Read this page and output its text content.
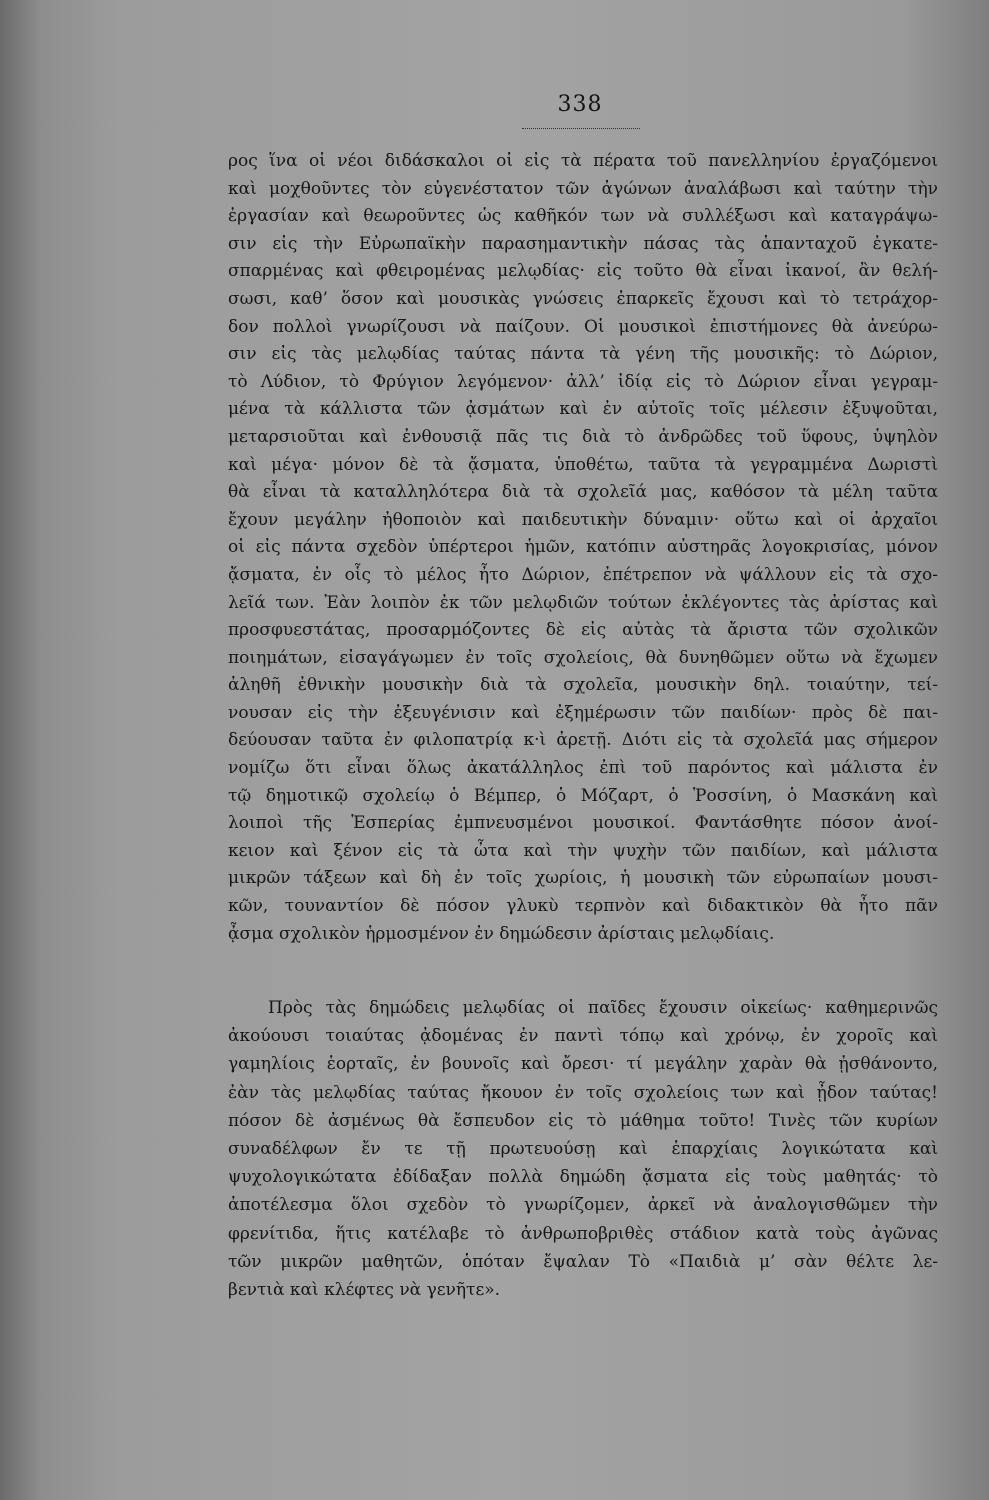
338
ρος ἵνα οἱ νέοι διδάσκαλοι οἱ εἰς τὰ πέρατα τοῦ πανελληνίου ἐργαζόμενοι
καὶ μοχθοῦντες τὸν εὐγενέστατον τῶν ἀγώνων ἀναλάβωσι καὶ ταύτην τὴν
ἐργασίαν καὶ θεωροῦντες ὡς καθῆκόν των νὰ συλλέξωσι καὶ καταγράψω-
σιν εἰς τὴν Εὐρωπαϊκὴν παρασημαντικὴν πάσας τὰς ἁπανταχοῦ ἐγκατε-
σπαρμένας καὶ φθειρομένας μελῳδίας· εἰς τοῦτο θὰ εἶναι ἱκανοί, ἂν θελή-
σωσι, καθ’ ὅσον καὶ μουσικὰς γνώσεις ἐπαρκεῖς ἔχουσι καὶ τὸ τετράχορ-
δον πολλοὶ γνωρίζουσι νὰ παίζουν. Οἱ μουσικοὶ ἐπιστήμονες θὰ ἀνεύρω-
σιν εἰς τὰς μελῳδίας ταύτας πάντα τὰ γένη τῆς μουσικῆς: τὸ Δώριον,
τὸ Λύδιον, τὸ Φρύγιον λεγόμενον· ἀλλ’ ἰδίᾳ εἰς τὸ Δώριον εἶναι γεγραμ-
μένα τὰ κάλλιστα τῶν ᾀσμάτων καὶ ἐν αὐτοῖς τοῖς μέλεσιν ἐξυψοῦται,
μεταρσιοῦται καὶ ἐνθουσιᾷ πᾶς τις διὰ τὸ ἀνδρῶδες τοῦ ὕφους, ὑψηλὸν
καὶ μέγα· μόνον δὲ τὰ ᾄσματα, ὑποθέτω, ταῦτα τὰ γεγραμμένα Δωριστὶ
θὰ εἶναι τὰ καταλληλότερα διὰ τὰ σχολεῖά μας, καθόσον τὰ μέλη ταῦτα
ἔχουν μεγάλην ἠθοποιὸν καὶ παιδευτικὴν δύναμιν· οὕτω καὶ οἱ ἀρχαῖοι
οἱ εἰς πάντα σχεδὸν ὑπέρτεροι ἡμῶν, κατόπιν αὐστηρᾶς λογοκρισίας, μόνον
ᾄσματα, ἐν οἷς τὸ μέλος ἦτο Δώριον, ἐπέτρεπον νὰ ψάλλουν εἰς τὰ σχο-
λεῖά των. Ἐὰν λοιπὸν ἐκ τῶν μελῳδιῶν τούτων ἐκλέγοντες τὰς ἀρίστας καὶ
προσφυεστάτας, προσαρμόζοντες δὲ εἰς αὐτὰς τὰ ἄριστα τῶν σχολικῶν
ποιημάτων, εἰσαγάγωμεν ἐν τοῖς σχολείοις, θὰ δυνηθῶμεν οὕτω νὰ ἔχωμεν
ἀληθῆ ἐθνικὴν μουσικὴν διὰ τὰ σχολεῖα, μουσικὴν δηλ. τοιαύτην, τεί-
νουσαν εἰς τὴν ἐξευγένισιν καὶ ἐξημέρωσιν τῶν παιδίων· πρὸς δὲ παι-
δεύουσαν ταῦτα ἐν φιλοπατρίᾳ κ·ὶ ἀρετῇ. Διότι εἰς τὰ σχολεῖά μας σήμερον
νομίζω ὅτι εἶναι ὅλως ἀκατάλληλος ἐπὶ τοῦ παρόντος καὶ μάλιστα ἐν
τῷ δημοτικῷ σχολείῳ ὁ Βέμπερ, ὁ Μόζαρτ, ὁ Ῥοσσίνη, ὁ Μασκάνη καὶ
λοιποὶ τῆς Ἑσπερίας ἐμπνευσμένοι μουσικοί. Φαντάσθητε πόσον ἀνοί-
κειον καὶ ξένον εἰς τὰ ὦτα καὶ τὴν ψυχὴν τῶν παιδίων, καὶ μάλιστα
μικρῶν τάξεων καὶ δὴ ἐν τοῖς χωρίοις, ἡ μουσικὴ τῶν εὐρωπαίων μουσι-
κῶν, τουναντίον δὲ πόσον γλυκὺ τερπνὸν καὶ διδακτικὸν θὰ ἦτο πᾶν
ᾆσμα σχολικὸν ἡρμοσμένον ἐν δημώδεσιν ἀρίσταις μελῳδίαις.
Πρὸς τὰς δημώδεις μελῳδίας οἱ παῖδες ἔχουσιν οἰκείως· καθημερινῶς
ἀκούουσι τοιαύτας ᾀδομένας ἐν παντὶ τόπῳ καὶ χρόνῳ, ἐν χοροῖς καὶ
γαμηλίοις ἑορταῖς, ἐν βουνοῖς καὶ ὄρεσι· τί μεγάλην χαρὰν θὰ ᾐσθάνοντο,
ἐὰν τὰς μελῳδίας ταύτας ἤκουον ἐν τοῖς σχολείοις των καὶ ᾖδον ταύτας!
πόσον δὲ ἀσμένως θὰ ἔσπευδον εἰς τὸ μάθημα τοῦτο! Τινὲς τῶν κυρίων
συναδέλφων ἔν τε τῇ πρωτευούσῃ καὶ ἐπαρχίαις λογικώτατα καὶ
ψυχολογικώτατα ἐδίδαξαν πολλὰ δημώδη ᾄσματα εἰς τοὺς μαθητάς· τὸ
ἀποτέλεσμα ὅλοι σχεδὸν τὸ γνωρίζομεν, ἀρκεῖ νὰ ἀναλογισθῶμεν τὴν
φρενίτιδα, ἥτις κατέλαβε τὸ ἀνθρωποβριθὲς στάδιον κατὰ τοὺς ἀγῶνας
τῶν μικρῶν μαθητῶν, ὁπόταν ἔψαλαν Τὸ «Παιδιὰ μ’ σὰν θέλτε λε-
βεντιὰ καὶ κλέφτες νὰ γενῆτε».
